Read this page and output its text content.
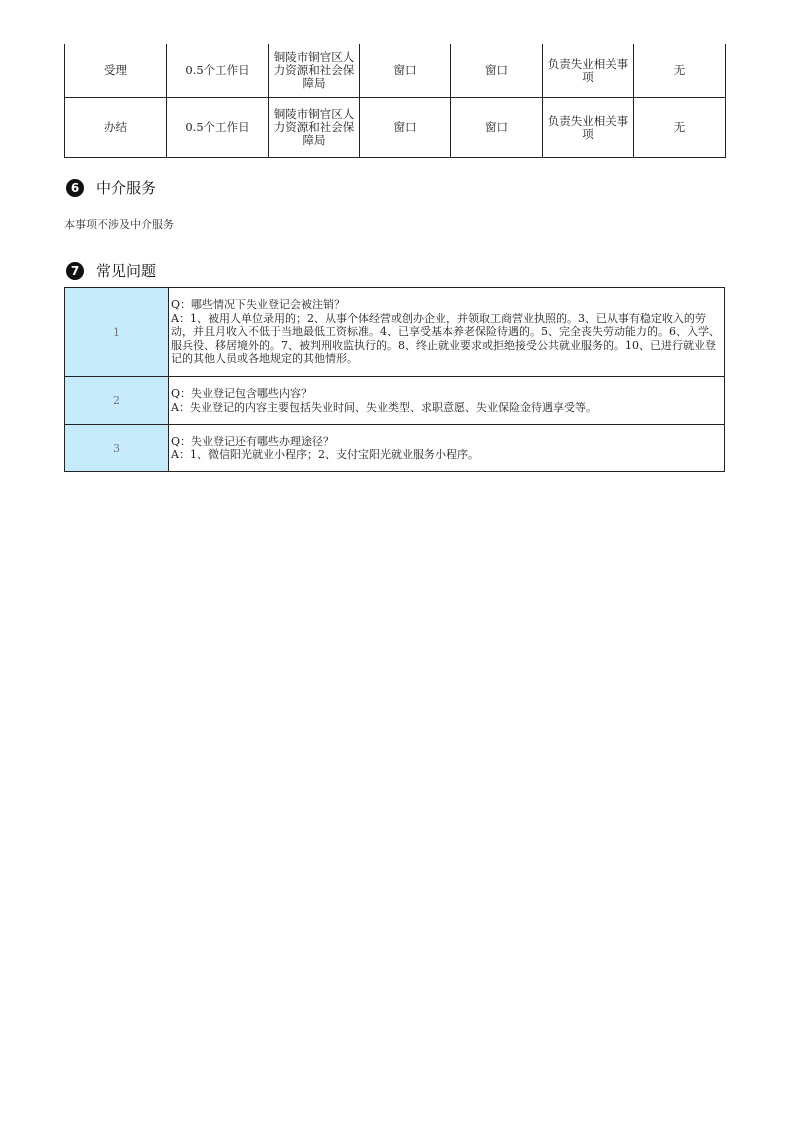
受理	0.5个工作日	铜陵市铜官区人力资源和社会保障局	窗口	窗口	负责失业相关事项	无
办结	0.5个工作日	铜陵市铜官区人力资源和社会保障局	窗口	窗口	负责失业相关事项	无
6	中介服务
本事项不涉及中介服务
7	常见问题
1	Q：哪些情况下失业登记会被注销？
A：1、被用人单位录用的；2、从事个体经营或创办企业，并领取工商营业执照的。3、已从事有稳定收入的劳动，并且月收入不低于当地最低工资标准。4、已享受基本养老保险待遇的。5、完全丧失劳动能力的。6、入学、服兵役、移居境外的。7、被判刑收监执行的。8、终止就业要求或拒绝接受公共就业服务的。10、已进行就业登记的其他人员或各地规定的其他情形。

2	Q：失业登记包含哪些内容？
A：失业登记的内容主要包括失业时间、失业类型、求职意愿、失业保险金待遇享受等。

3	Q：失业登记还有哪些办理途径？
A：1、微信阳光就业小程序；2、支付宝阳光就业服务小程序。
